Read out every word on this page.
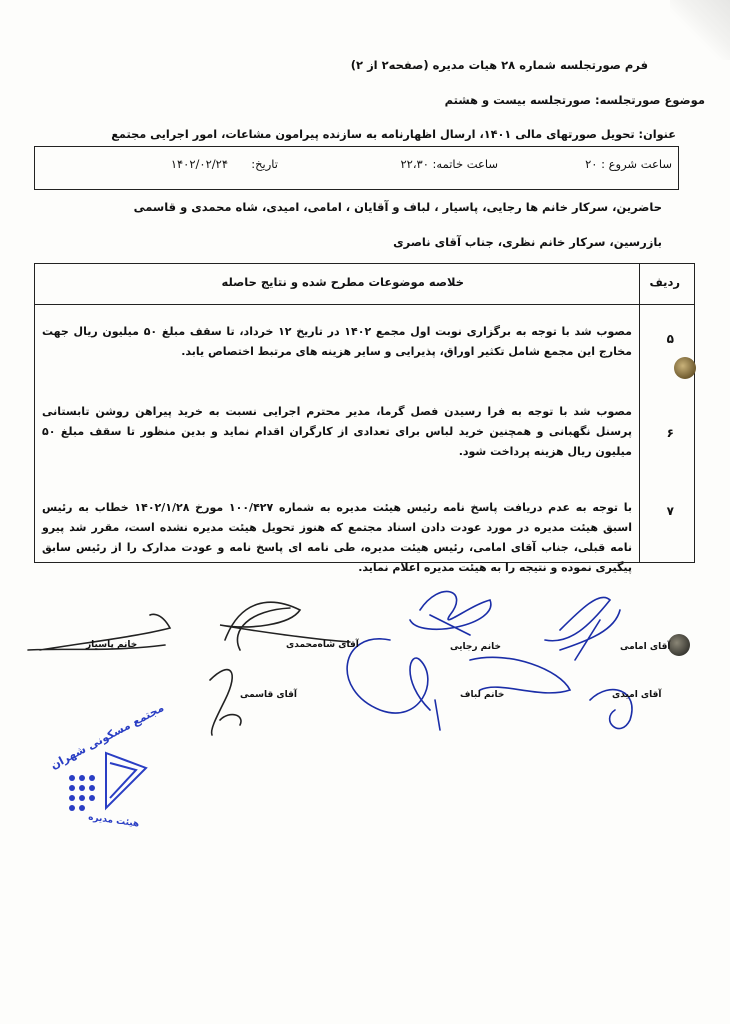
فرم صورتجلسه شماره ۲۸ هیات مدیره (صفحه۲ از ۲)
موضوع صورتجلسه: صورتجلسه بیست و هشتم
عنوان: تحویل صورتهای مالی ۱۴۰۱، ارسال اظهارنامه به سازنده پیرامون مشاعات، امور اجرایی مجتمع
ساعت شروع : ۲۰
ساعت خاتمه: ۲۲،۳۰
تاریخ:
۱۴۰۲/۰۲/۲۴
حاضرین، سرکار خانم ها رجایی، پاسیار ، لباف و آقایان ، امامی، امیدی، شاه محمدی و قاسمی
بازرسین، سرکار خانم نظری، جناب آقای ناصری
ردیف
خلاصه موضوعات مطرح شده و نتایج حاصله
۵
مصوب شد با توجه به برگزاری نوبت اول مجمع ۱۴۰۲ در تاریخ ۱۲ خرداد، تا سقف مبلغ ۵۰ میلیون ریال جهت مخارج این مجمع شامل تکثیر اوراق، پذیرایی و سایر هزینه های مرتبط اختصاص یابد.
۶
مصوب شد با توجه به فرا رسیدن فصل گرما، مدیر محترم اجرایی نسبت به خرید پیراهن روشن تابستانی پرسنل نگهبانی و همچنین خرید لباس برای تعدادی از کارگران اقدام نماید و بدین منظور تا سقف مبلغ ۵۰ میلیون ریال هزینه پرداخت شود.
۷
با توجه به عدم دریافت پاسخ نامه رئیس هیئت مدیره به شماره ۱۰۰/۴۲۷ مورخ ۱۴۰۲/۱/۲۸ خطاب به رئیس اسبق هیئت مدیره در مورد عودت دادن اسناد مجتمع که هنوز تحویل هیئت مدیره نشده است، مقرر شد پیرو نامه قبلی، جناب آقای امامی، رئیس هیئت مدیره، طی نامه ای پاسخ نامه و عودت مدارک را از رئیس سابق پیگیری نموده و نتیجه را به هیئت مدیره اعلام نماید.
خانم پاسیار	آقای شاه‌محمدی	خانم رجایی	آقای امامی
آقای قاسمی	خانم لباف	آقای امیدی
مجتمع مسکونی شهران
هیئت مدیره
